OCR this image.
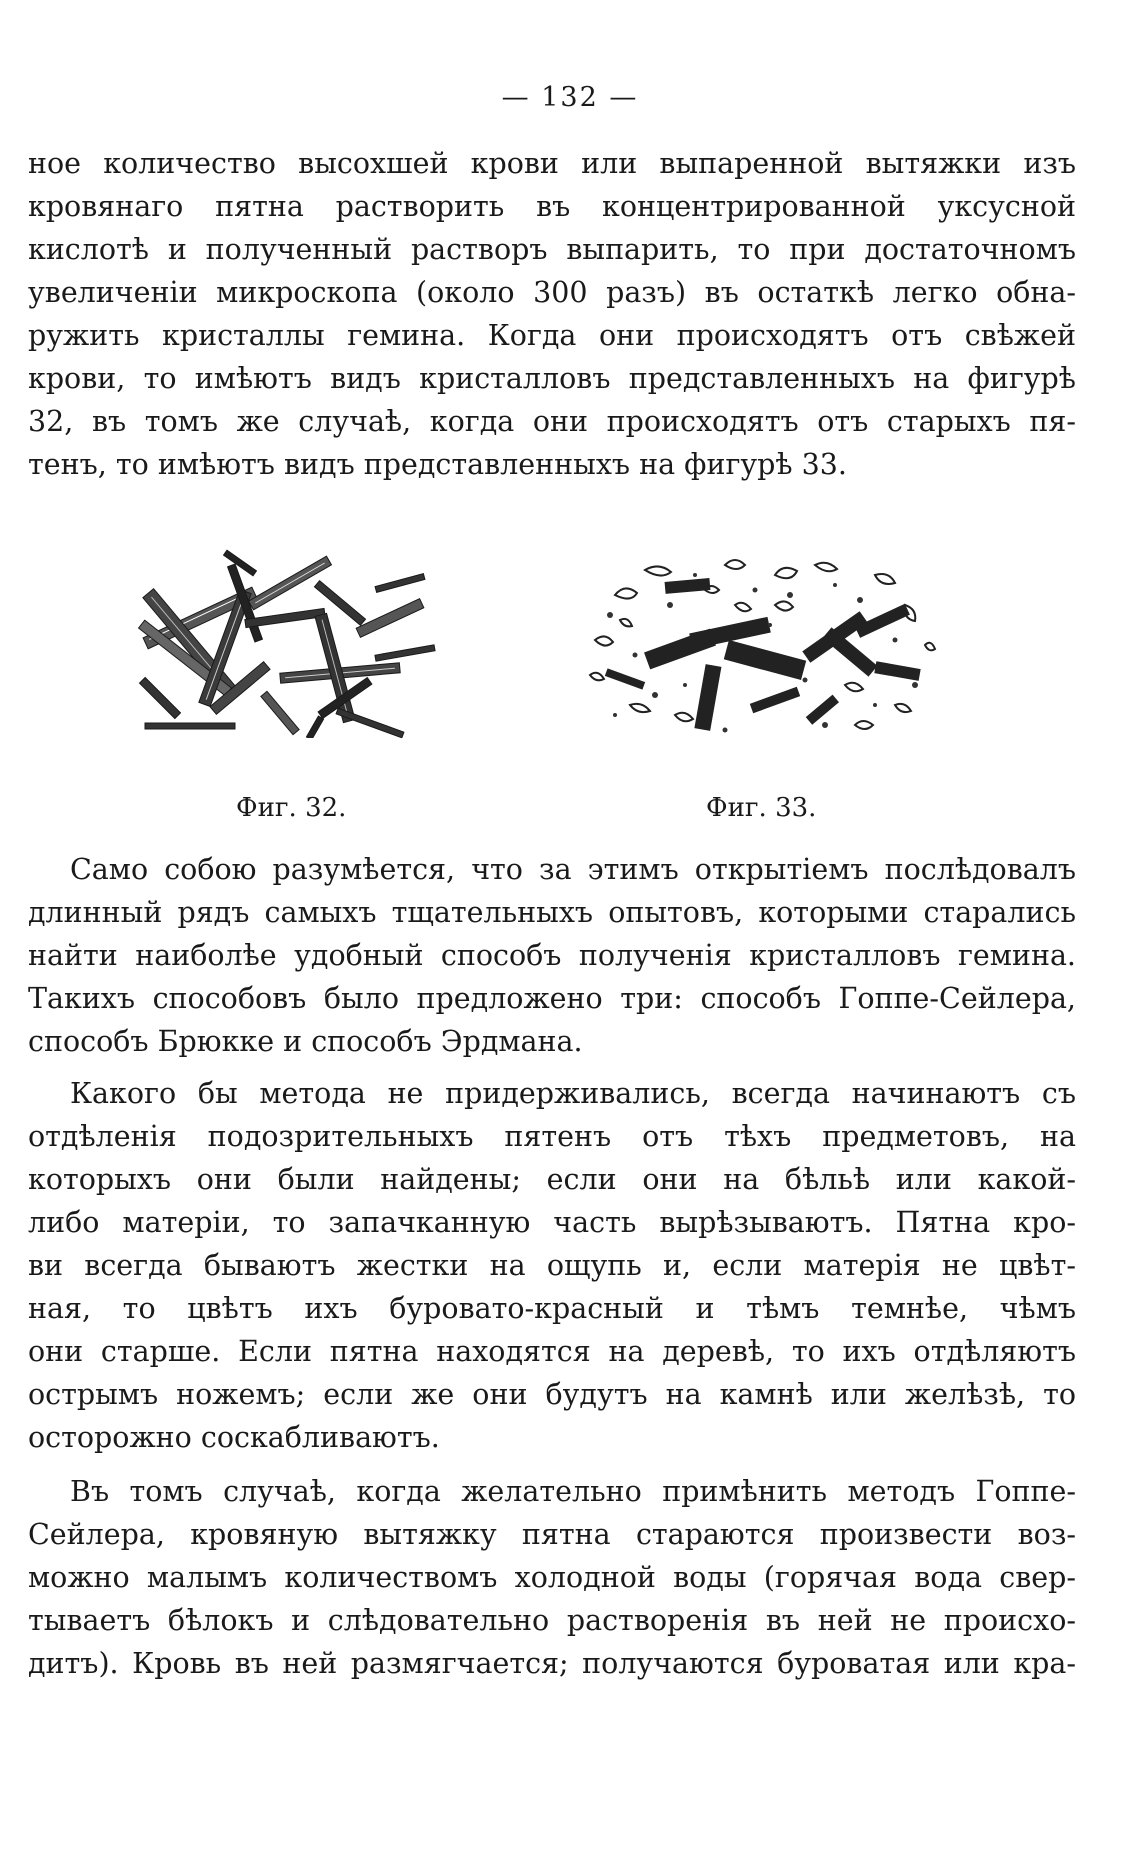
— 132 —
ное количество высохшей крови или выпаренной вытяжки изъ
кровянаго пятна растворить въ концентрированной уксусной
кислотѣ и полученный растворъ выпарить, то при достаточномъ
увеличеніи микроскопа (около 300 разъ) въ остаткѣ легко обна-
ружить кристаллы гемина. Когда они происходятъ отъ свѣжей
крови, то имѣютъ видъ кристалловъ представленныхъ на фигурѣ
32, въ томъ же случаѣ, когда они происходятъ отъ старыхъ пя-
тенъ, то имѣютъ видъ представленныхъ на фигурѣ 33.
Фиг. 32.	Фиг. 33.
Само собою разумѣется, что за этимъ открытіемъ послѣдовалъ
длинный рядъ самыхъ тщательныхъ опытовъ, которыми старались
найти наиболѣе удобный способъ полученія кристалловъ гемина.
Такихъ способовъ было предложено три: способъ Гоппе-Сейлера,
способъ Брюкке и способъ Эрдмана.
Какого бы метода не придерживались, всегда начинаютъ съ
отдѣленія подозрительныхъ пятенъ отъ тѣхъ предметовъ, на
которыхъ они были найдены; если они на бѣльѣ или какой-
либо матеріи, то запачканную часть вырѣзываютъ. Пятна кро-
ви всегда бываютъ жестки на ощупь и, если матерія не цвѣт-
ная, то цвѣтъ ихъ буровато-красный и тѣмъ темнѣе, чѣмъ
они старше. Если пятна находятся на деревѣ, то ихъ отдѣляютъ
острымъ ножемъ; если же они будутъ на камнѣ или желѣзѣ, то
осторожно соскабливаютъ.
Въ томъ случаѣ, когда желательно примѣнить методъ Гоппе-
Сейлера, кровяную вытяжку пятна стараются произвести воз-
можно малымъ количествомъ холодной воды (горячая вода свер-
тываетъ бѣлокъ и слѣдовательно растворенія въ ней не происхо-
дитъ). Кровь въ ней размягчается; получаются буроватая или кра-
